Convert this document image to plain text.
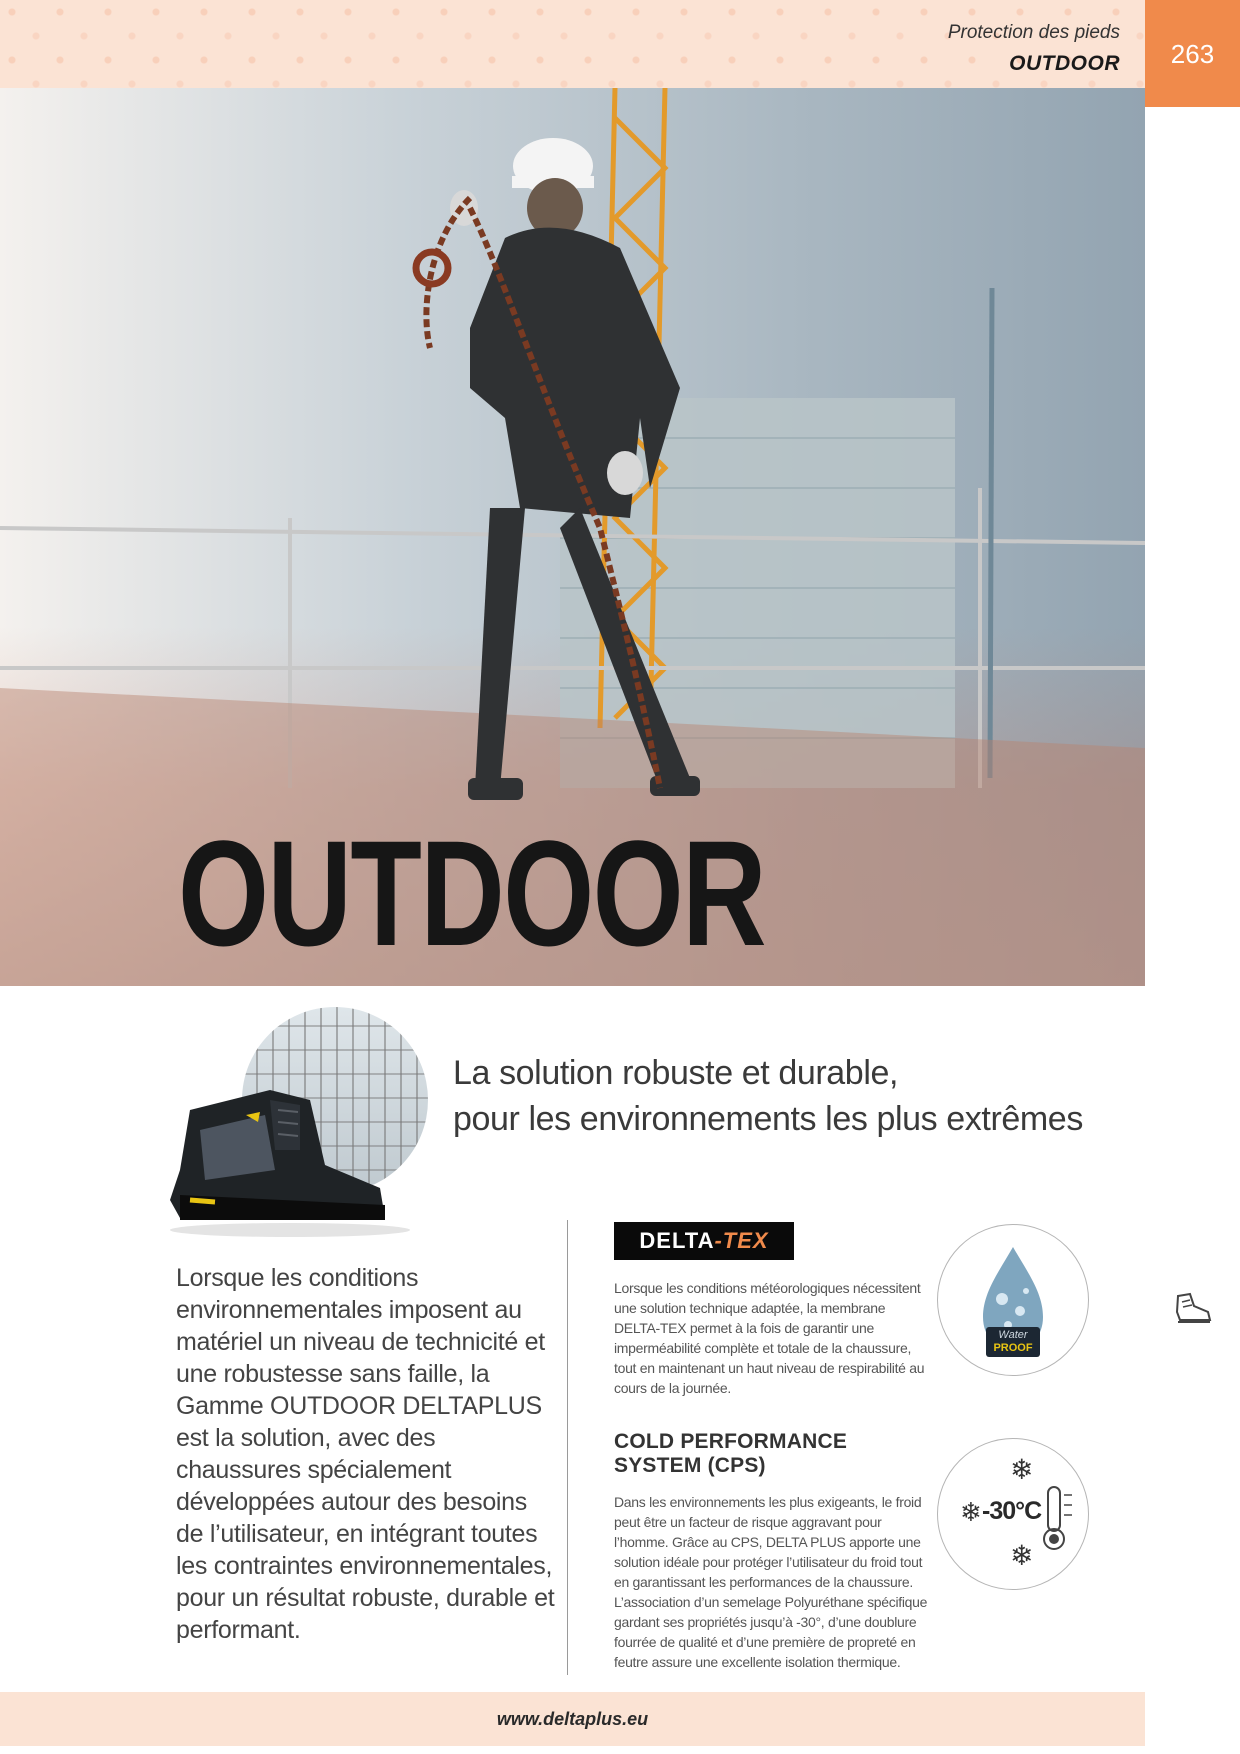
Protection des pieds
OUTDOOR	263
OUTDOOR
La solution robuste et durable,
pour les environnements les plus extrêmes
Lorsque les conditions environnementales imposent au matériel un niveau de technicité et une robustesse sans faille, la Gamme OUTDOOR DELTAPLUS est la solution, avec des chaussures spécialement développées autour des besoins de l’utilisateur, en intégrant toutes les contraintes environnementales, pour un résultat robuste, durable et performant.
DELTA-TEX
Lorsque les conditions météorologiques nécessitent une solution technique adaptée, la membrane DELTA-TEX permet à la fois de garantir une imperméabilité complète et totale de la chaussure, tout en maintenant un haut niveau de respirabilité au cours de la journée.
Water
PROOF
COLD PERFORMANCE
SYSTEM (CPS)
Dans les environnements les plus exigeants, le froid peut être un facteur de risque aggravant pour l’homme. Grâce au CPS, DELTA PLUS apporte une solution idéale pour protéger l’utilisateur du froid tout en garantissant les performances de la chaussure. L’association d’un semelage Polyuréthane spécifique gardant ses propriétés jusqu’à -30°, d’une doublure fourrée de qualité et d’une première de propreté en feutre assure une excellente isolation thermique.
❄
❄
❄
-30°C
www.deltaplus.eu
